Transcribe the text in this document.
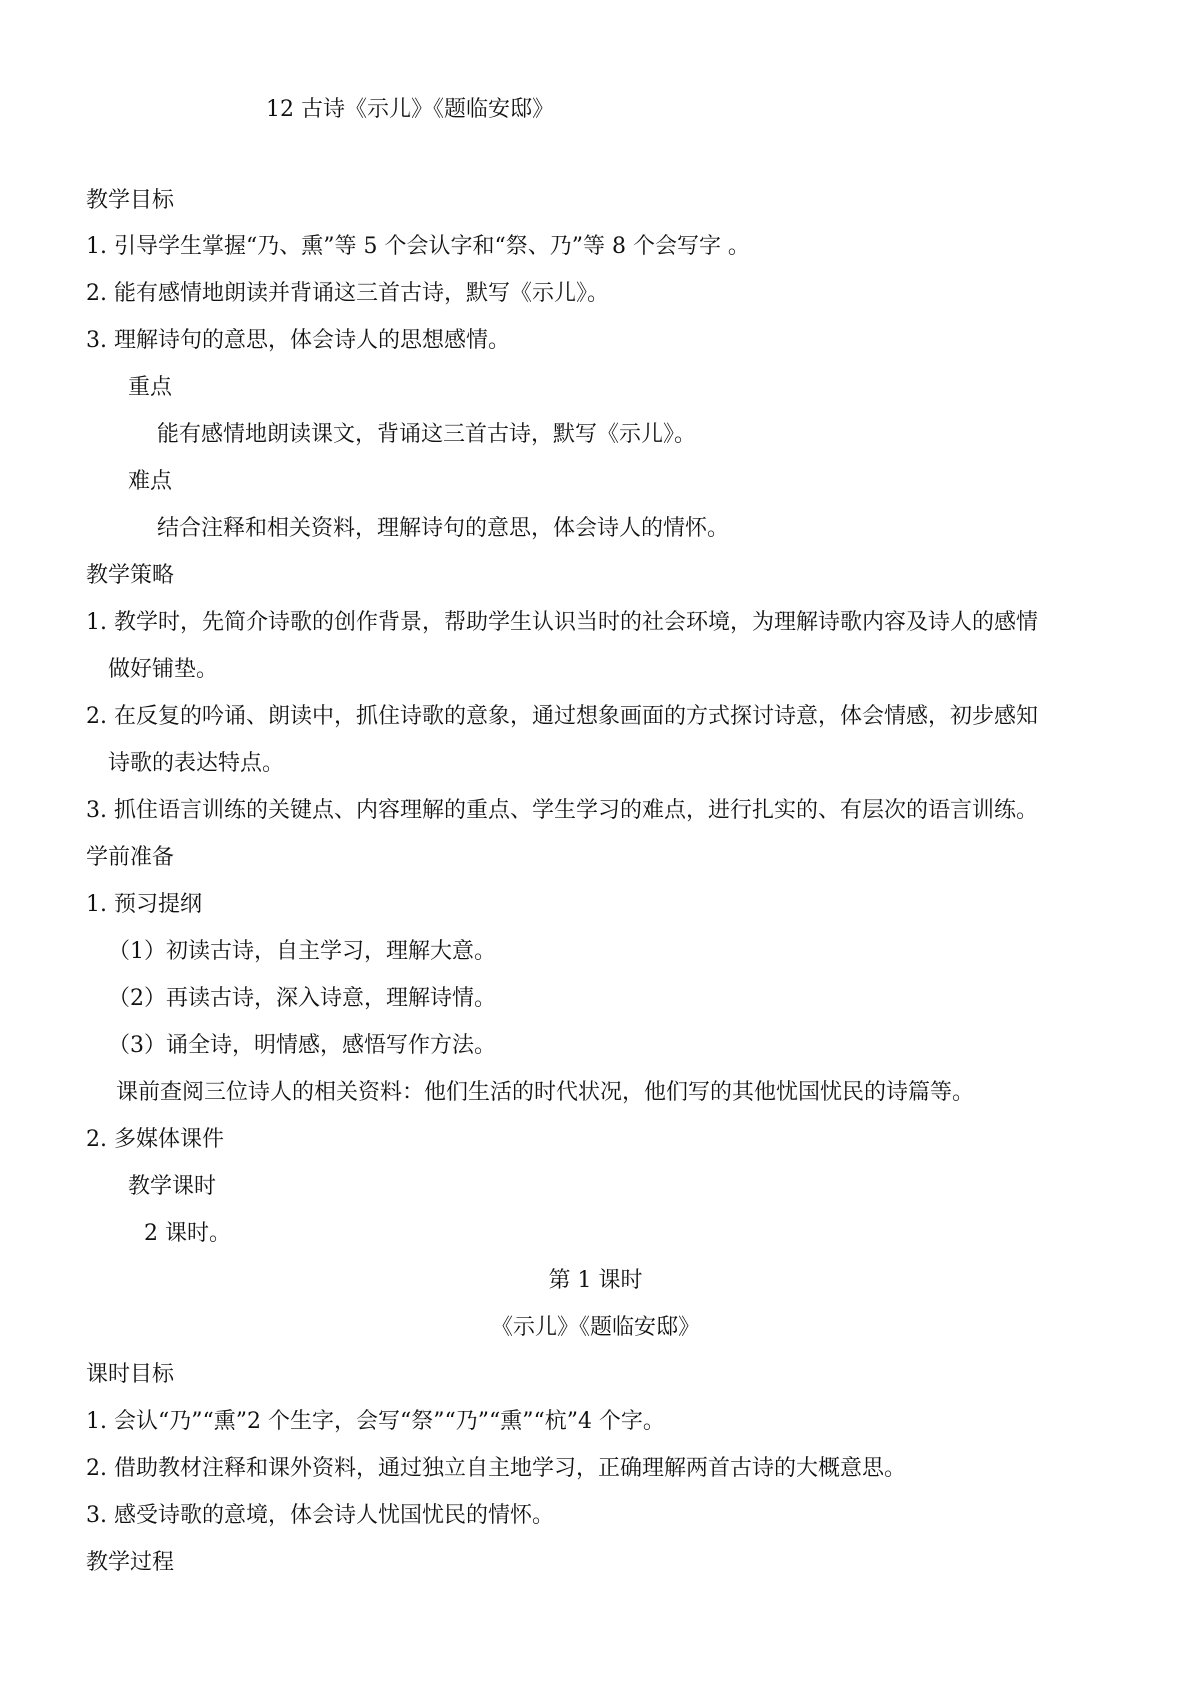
12 古诗《示儿》《题临安邸》
教学目标
1. 引导学生掌握“乃、熏”等 5 个会认字和“祭、乃”等 8 个会写字 。
2. 能有感情地朗读并背诵这三首古诗，默写《示儿》。
3. 理解诗句的意思，体会诗人的思想感情。
重点
能有感情地朗读课文，背诵这三首古诗，默写《示儿》。
难点
结合注释和相关资料，理解诗句的意思，体会诗人的情怀。
教学策略
1. 教学时，先简介诗歌的创作背景，帮助学生认识当时的社会环境，为理解诗歌内容及诗人的感情
做好铺垫。
2. 在反复的吟诵、朗读中，抓住诗歌的意象，通过想象画面的方式探讨诗意，体会情感，初步感知
诗歌的表达特点。
3. 抓住语言训练的关键点、内容理解的重点、学生学习的难点，进行扎实的、有层次的语言训练。
学前准备
1. 预习提纲
（1）初读古诗，自主学习，理解大意。
（2）再读古诗，深入诗意，理解诗情。
（3）诵全诗，明情感，感悟写作方法。
课前查阅三位诗人的相关资料：他们生活的时代状况，他们写的其他忧国忧民的诗篇等。
2. 多媒体课件
教学课时
2 课时。
第 1 课时
《示儿》《题临安邸》
课时目标
1. 会认“乃”“熏”2 个生字，会写“祭”“乃”“熏”“杭”4 个字。
2. 借助教材注释和课外资料，通过独立自主地学习，正确理解两首古诗的大概意思。
3. 感受诗歌的意境，体会诗人忧国忧民的情怀。
教学过程
